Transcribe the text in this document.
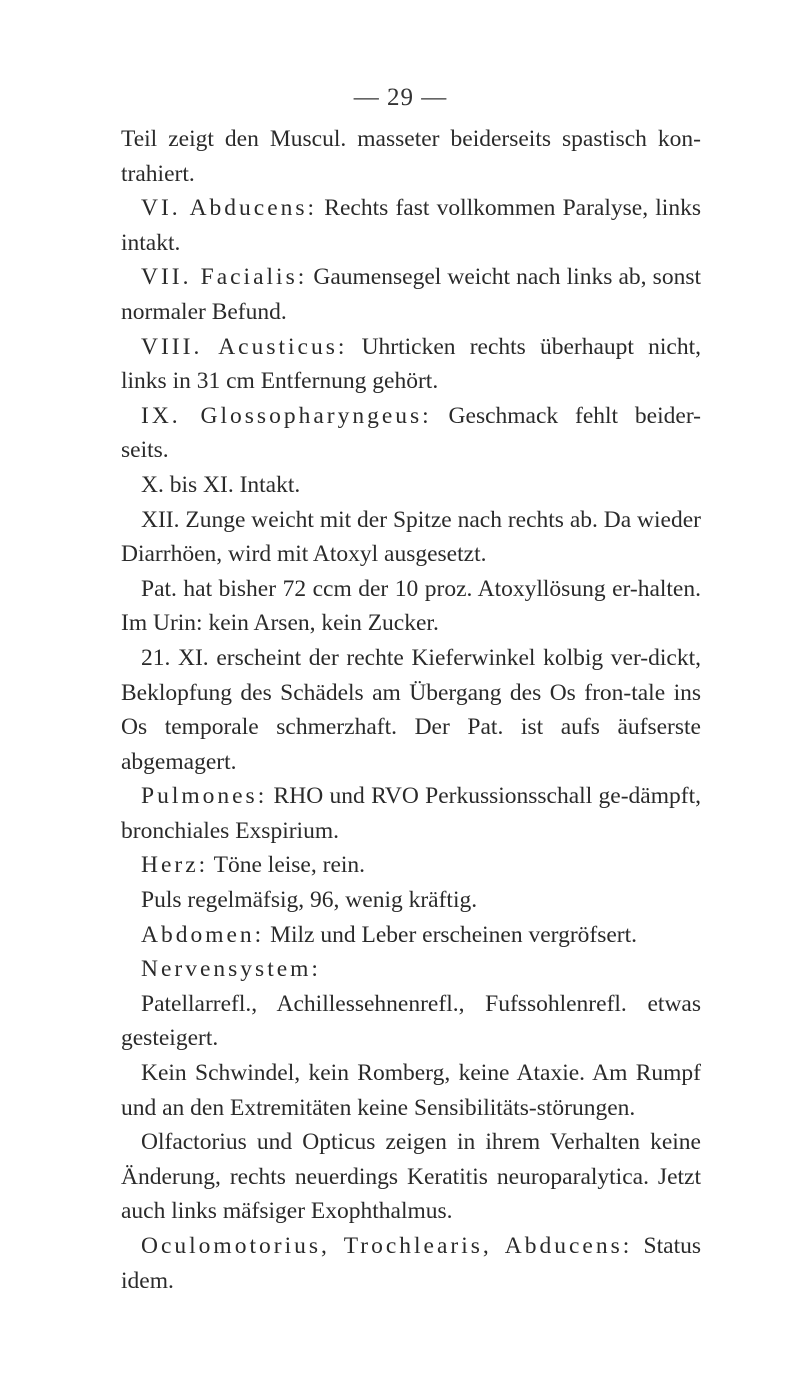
— 29 —

Teil zeigt den Muscul. masseter beiderseits spastisch kon-trahiert.

VI. Abducens: Rechts fast vollkommen Paralyse, links intakt.

VII. Facialis: Gaumensegel weicht nach links ab, sonst normaler Befund.

VIII. Acusticus: Uhrticken rechts überhaupt nicht, links in 31 cm Entfernung gehört.

IX. Glossopharyngeus: Geschmack fehlt beider-seits.

X. bis XI. Intakt.

XII. Zunge weicht mit der Spitze nach rechts ab. Da wieder Diarrhöen, wird mit Atoxyl ausgesetzt.

Pat. hat bisher 72 ccm der 10 proz. Atoxyllösung er-halten. Im Urin: kein Arsen, kein Zucker.

21. XI. erscheint der rechte Kieferwinkel kolbig ver-dickt, Beklopfung des Schädels am Übergang des Os fron-tale ins Os temporale schmerzhaft. Der Pat. ist aufs äufserste abgemagert.

Pulmones: RHO und RVO Perkussionsschall ge-dämpft, bronchiales Exspirium.

Herz: Töne leise, rein.

Puls regelmäfsig, 96, wenig kräftig.

Abdomen: Milz und Leber erscheinen vergröfsert.

Nervensystem:

Patellarrefl., Achillessehnenrefl., Fufssohlenrefl. etwas gesteigert.

Kein Schwindel, kein Romberg, keine Ataxie. Am Rumpf und an den Extremitäten keine Sensibilitäts-störungen.

Olfactorius und Opticus zeigen in ihrem Verhalten keine Änderung, rechts neuerdings Keratitis neuroparalytica. Jetzt auch links mäfsiger Exophthalmus.

Oculomotorius, Trochlearis, Abducens: Status idem.
